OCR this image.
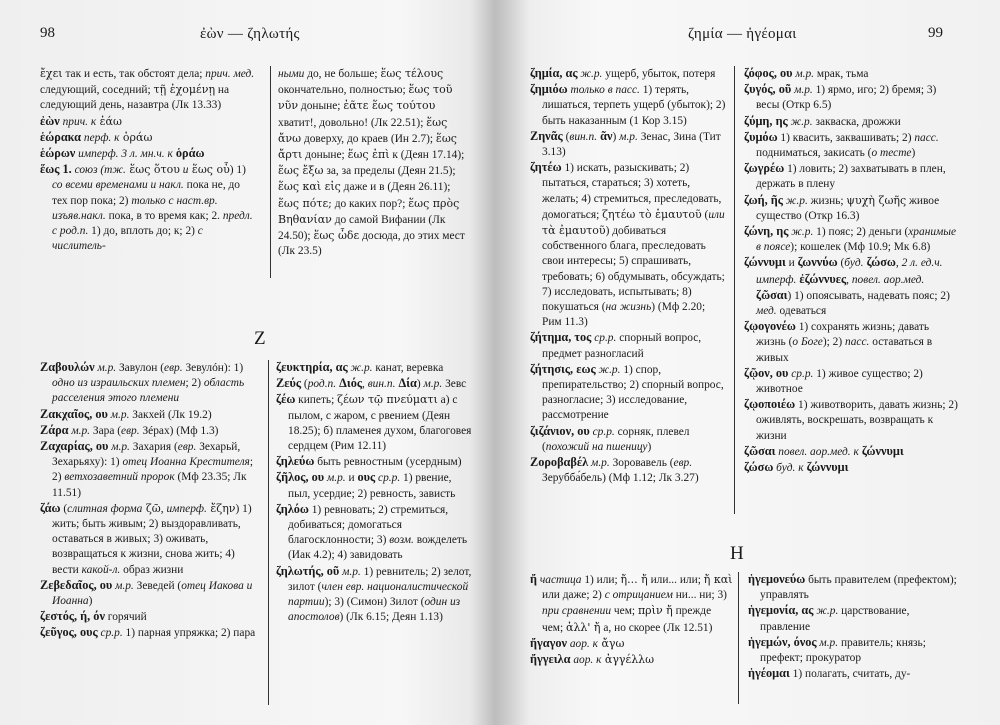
98	ἐὼν — ζηλωτής

ἔχει так и есть, так обстоят дела; прич. мед. следующий, соседний; τῇ ἐχομένῃ на следующий день, назавтра (Лк 13.33)

ἐὼν прич. к ἐάω

ἑώρακα перф. к ὁράω

ἑώρων имперф. 3 л. мн.ч. к ὁράω

ἕως 1. союз (тж. ἕως ὅτου и ἕως οὗ) 1) со всеми временами и накл. пока не, до тех пор пока; 2) только с наст.вр. изъяв.накл. пока, в то время как; 2. предл. с род.п. 1) до, вплоть до; к; 2) с числитель-

ными до, не больше; ἕως τέλους окончательно, полностью; ἕως τοῦ νῦν доныне; ἐᾶτε ἕως τούτου хватит!, довольно! (Лк 22.51); ἕως ἄνω доверху, до краев (Ин 2.7); ἕως ἄρτι доныне; ἕως ἐπὶ к (Деян 17.14); ἕως ἔξω за, за пределы (Деян 21.5); ἕως καὶ εἰς даже и в (Деян 26.11); ἕως πότε; до каких пор?; ἕως πρὸς Βηθανίαν до самой Вифании (Лк 24.50); ἕως ὧδε досюда, до этих мест (Лк 23.5)

Z

Ζαβουλών м.р. Завулон (евр. Зевулóн): 1) одно из израильских племен; 2) область расселения этого племени

Ζακχαῖος, ου м.р. Закхей (Лк 19.2)

Ζάρα м.р. Зара (евр. Зéрах) (Мф 1.3)

Ζαχαρίας, ου м.р. Захария (евр. Зехарьй, Зехарьяху): 1) отец Иоанна Крестителя; 2) ветхозаветний пророк (Мф 23.35; Лк 11.51)

ζάω (слитная форма ζῶ, имперф. ἔζην) 1) жить; быть живым; 2) выздоравливать, оставаться в живых; 3) оживать, возвращаться к жизни, снова жить; 4) вести какой-л. образ жизни

Ζεβεδαῖος, ου м.р. Зеведей (отец Иакова и Иоанна)

ζεστός, ή, όν горячий

ζεῦγος, ους ср.р. 1) парная упряжка; 2) пара

ζευκτηρία, ας ж.р. канат, веревка

Ζεύς (род.п. Διός, вин.п. Δία) м.р. Зевс

ζέω кипеть; ζέων τῷ πνεύματι а) с пылом, с жаром, с рвением (Деян 18.25); б) пламенея духом, благоговея сердцем (Рим 12.11)

ζηλεύω быть ревностным (усердным)

ζῆλος, ου м.р. и ους ср.р. 1) рвение, пыл, усердие; 2) ревность, зависть

ζηλόω 1) ревновать; 2) стремиться, добиваться; домогаться благосклонности; 3) возм. вожделеть (Иак 4.2); 4) завидовать

ζηλωτής, οῦ м.р. 1) ревнитель; 2) зелот, зилот (член евр. националистической партии); 3) (Симон) Зилот (один из апостолов) (Лк 6.15; Деян 1.13)

99
ζημία — ἡγέομαι

ζημία, ας ж.р. ущерб, убыток, потеря

ζημιόω только в пасс. 1) терять, лишаться, терпеть ущерб (убыток); 2) быть наказанным (1 Кор 3.15)

Ζηνᾶς (вин.п. ᾶν) м.р. Зенас, Зина (Тит 3.13)

ζητέω 1) искать, разыскивать; 2) пытаться, стараться; 3) хотеть, желать; 4) стремиться, преследовать, домогаться; ζητέω τὸ ἑμαυτοῦ (или τὰ ἐμαυτοῦ) добиваться собственного блага, преследовать свои интересы; 5) спрашивать, требовать; 6) обдумывать, обсуждать; 7) исследовать, испытывать; 8) покушаться (на жизнь) (Мф 2.20; Рим 11.3)

ζήτημα, τος ср.р. спорный вопрос, предмет разногласий

ζήτησις, εως ж.р. 1) спор, препирательство; 2) спорный вопрос, разногласие; 3) исследование, рассмотрение

ζιζάνιον, ου ср.р. сорняк, плевел (похожий на пшеницу)

Ζοροβαβέλ м.р. Зоровавель (евр. Зерубба́бель) (Мф 1.12; Лк 3.27)

ζόφος, ου м.р. мрак, тьма

ζυγός, οῦ м.р. 1) ярмо, иго; 2) бремя; 3) весы (Откр 6.5)

ζύμη, ης ж.р. закваска, дрожжи

ζυμόω 1) квасить, заквашивать; 2) пасс. подниматься, закисать (о тесте)

ζωγρέω 1) ловить; 2) захватывать в плен, держать в плену

ζωή, ῆς ж.р. жизнь; ψυχὴ ζωῆς живое существо (Откр 16.3)

ζώνη, ης ж.р. 1) пояс; 2) деньги (хранимые в поясе); кошелек (Мф 10.9; Мк 6.8)

ζώννυμι и ζωννύω (буд. ζώσω, 2 л. ед.ч. имперф. ἐζώννυες, повел. аор.мед. ζῶσαι) 1) опоясывать, надевать пояс; 2) мед. одеваться

ζῳογονέω 1) сохранять жизнь; давать жизнь (о Боге); 2) пасс. оставаться в живых

ζῷον, ου ср.р. 1) живое существо; 2) животное

ζῳοποιέω 1) животворить, давать жизнь; 2) оживлять, воскрешать, возвращать к жизни

ζῶσαι повел. аор.мед. к ζώννυμι

ζώσω буд. к ζώννυμι

H

ἤ частица 1) или; ἤ... ἤ или... или; ἤ καὶ или даже; 2) с отрицанием ни... ни; 3) при сравнении чем; πρὶν ἤ прежде чем; ἀλλ' ἤ а, но скорее (Лк 12.51)

ἤγαγον аор. к ἄγω

ἤγγειλα аор. к ἀγγέλλω

ἡγεμονεύω быть правителем (префектом); управлять

ἡγεμονία, ας ж.р. царствование, правление

ἡγεμών, όνος м.р. правитель; князь; префект; прокуратор

ἡγέομαι 1) полагать, считать, ду-
